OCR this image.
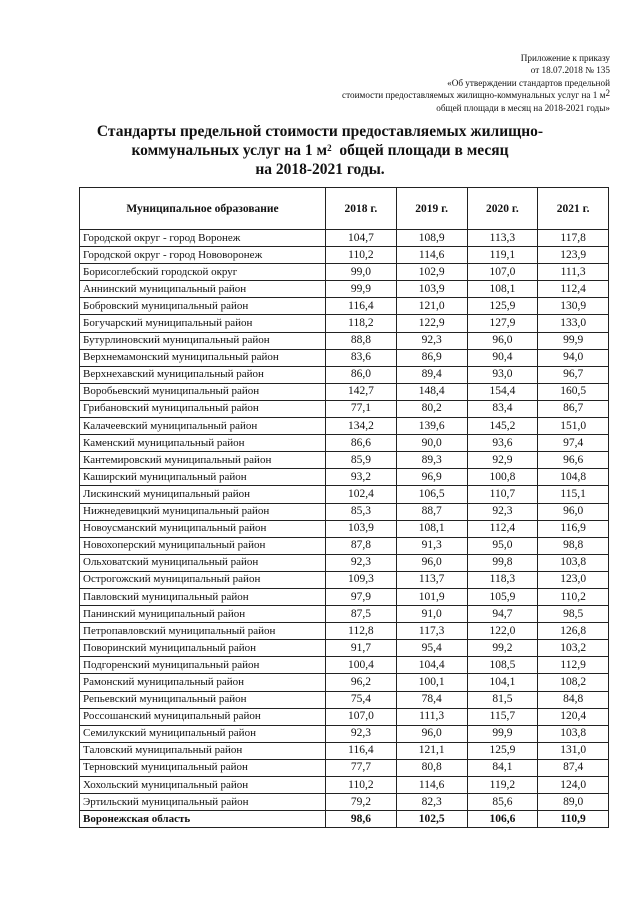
Приложение к приказу
от 18.07.2018 № 135
«Об утверждении стандартов предельной
стоимости предоставляемых жилищно-коммунальных услуг на 1 $м^2$
общей площади в месяц на 2018-2021 годы»
Стандарты предельной стоимости предоставляемых жилищно-
коммунальных услуг на 1 $м^2$  общей площади в месяц
на 2018-2021 годы.
Муниципальное образование	2018 г.	2019 г.	2020 г.	2021 г.
Городской округ - город Воронеж	104,7	108,9	113,3	117,8
Городской округ - город Нововоронеж	110,2	114,6	119,1	123,9
Борисоглебский городской округ	99,0	102,9	107,0	111,3
Аннинский муниципальный район	99,9	103,9	108,1	112,4
Бобровский муниципальный район	116,4	121,0	125,9	130,9
Богучарский муниципальный район	118,2	122,9	127,9	133,0
Бутурлиновский муниципальный район	88,8	92,3	96,0	99,9
Верхнемамонский муниципальный район	83,6	86,9	90,4	94,0
Верхнехавский муниципальный район	86,0	89,4	93,0	96,7
Воробьевский муниципальный район	142,7	148,4	154,4	160,5
Грибановский муниципальный район	77,1	80,2	83,4	86,7
Калачеевский муниципальный район	134,2	139,6	145,2	151,0
Каменский муниципальный район	86,6	90,0	93,6	97,4
Кантемировский муниципальный район	85,9	89,3	92,9	96,6
Каширский муниципальный район	93,2	96,9	100,8	104,8
Лискинский муниципальный район	102,4	106,5	110,7	115,1
Нижнедевицкий муниципальный район	85,3	88,7	92,3	96,0
Новоусманский муниципальный район	103,9	108,1	112,4	116,9
Новохоперский муниципальный район	87,8	91,3	95,0	98,8
Ольховатский муниципальный район	92,3	96,0	99,8	103,8
Острогожский муниципальный район	109,3	113,7	118,3	123,0
Павловский муниципальный район	97,9	101,9	105,9	110,2
Панинский муниципальный район	87,5	91,0	94,7	98,5
Петропавловский муниципальный район	112,8	117,3	122,0	126,8
Поворинский муниципальный район	91,7	95,4	99,2	103,2
Подгоренский муниципальный район	100,4	104,4	108,5	112,9
Рамонский муниципальный район	96,2	100,1	104,1	108,2
Репьевский муниципальный район	75,4	78,4	81,5	84,8
Россошанский муниципальный район	107,0	111,3	115,7	120,4
Семилукский муниципальный район	92,3	96,0	99,9	103,8
Таловский муниципальный район	116,4	121,1	125,9	131,0
Терновский муниципальный район	77,7	80,8	84,1	87,4
Хохольский муниципальный район	110,2	114,6	119,2	124,0
Эртильский муниципальный район	79,2	82,3	85,6	89,0
Воронежская область	98,6	102,5	106,6	110,9
